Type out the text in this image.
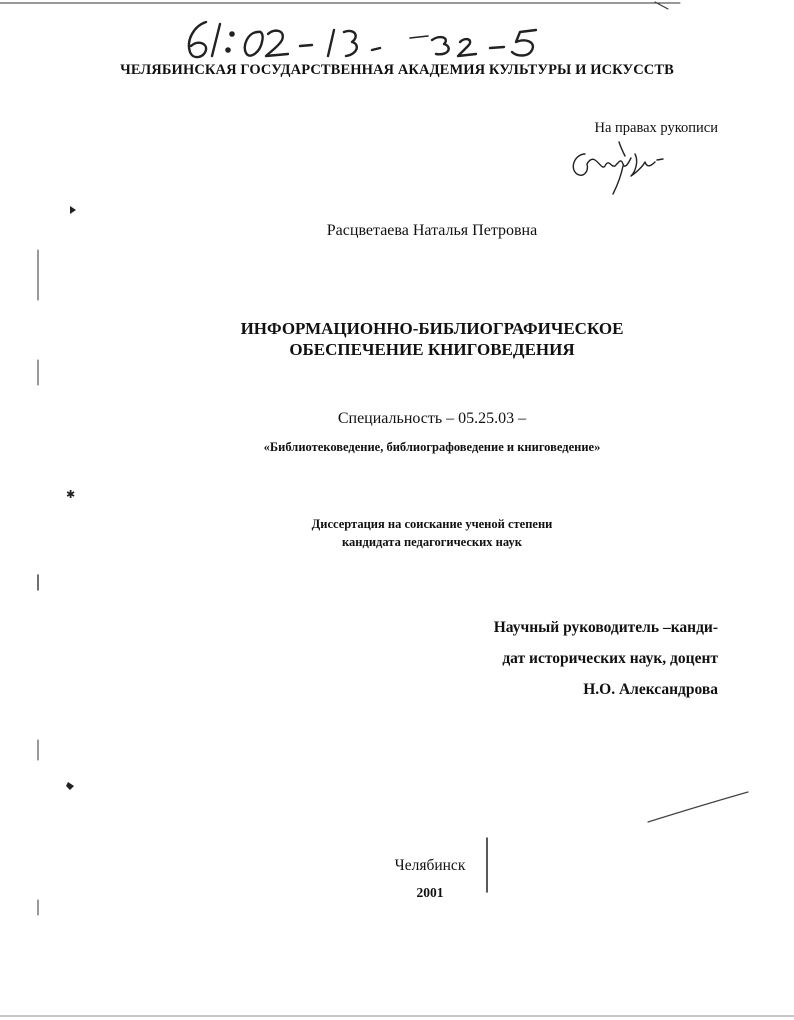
ЧЕЛЯБИНСКАЯ ГОСУДАРСТВЕННАЯ АКАДЕМИЯ КУЛЬТУРЫ И ИСКУССТВ
На правах рукописи
Расцветаева Наталья Петровна
ИНФОРМАЦИОННО-БИБЛИОГРАФИЧЕСКОЕ
ОБЕСПЕЧЕНИЕ КНИГОВЕДЕНИЯ
Специальность – 05.25.03 –
«Библиотековедение, библиографоведение и книговедение»
Диссертация на соискание ученой степени
кандидата педагогических наук
Научный руководитель –канди-
дат исторических наук, доцент
Н.О. Александрова
Челябинск
2001
✱
